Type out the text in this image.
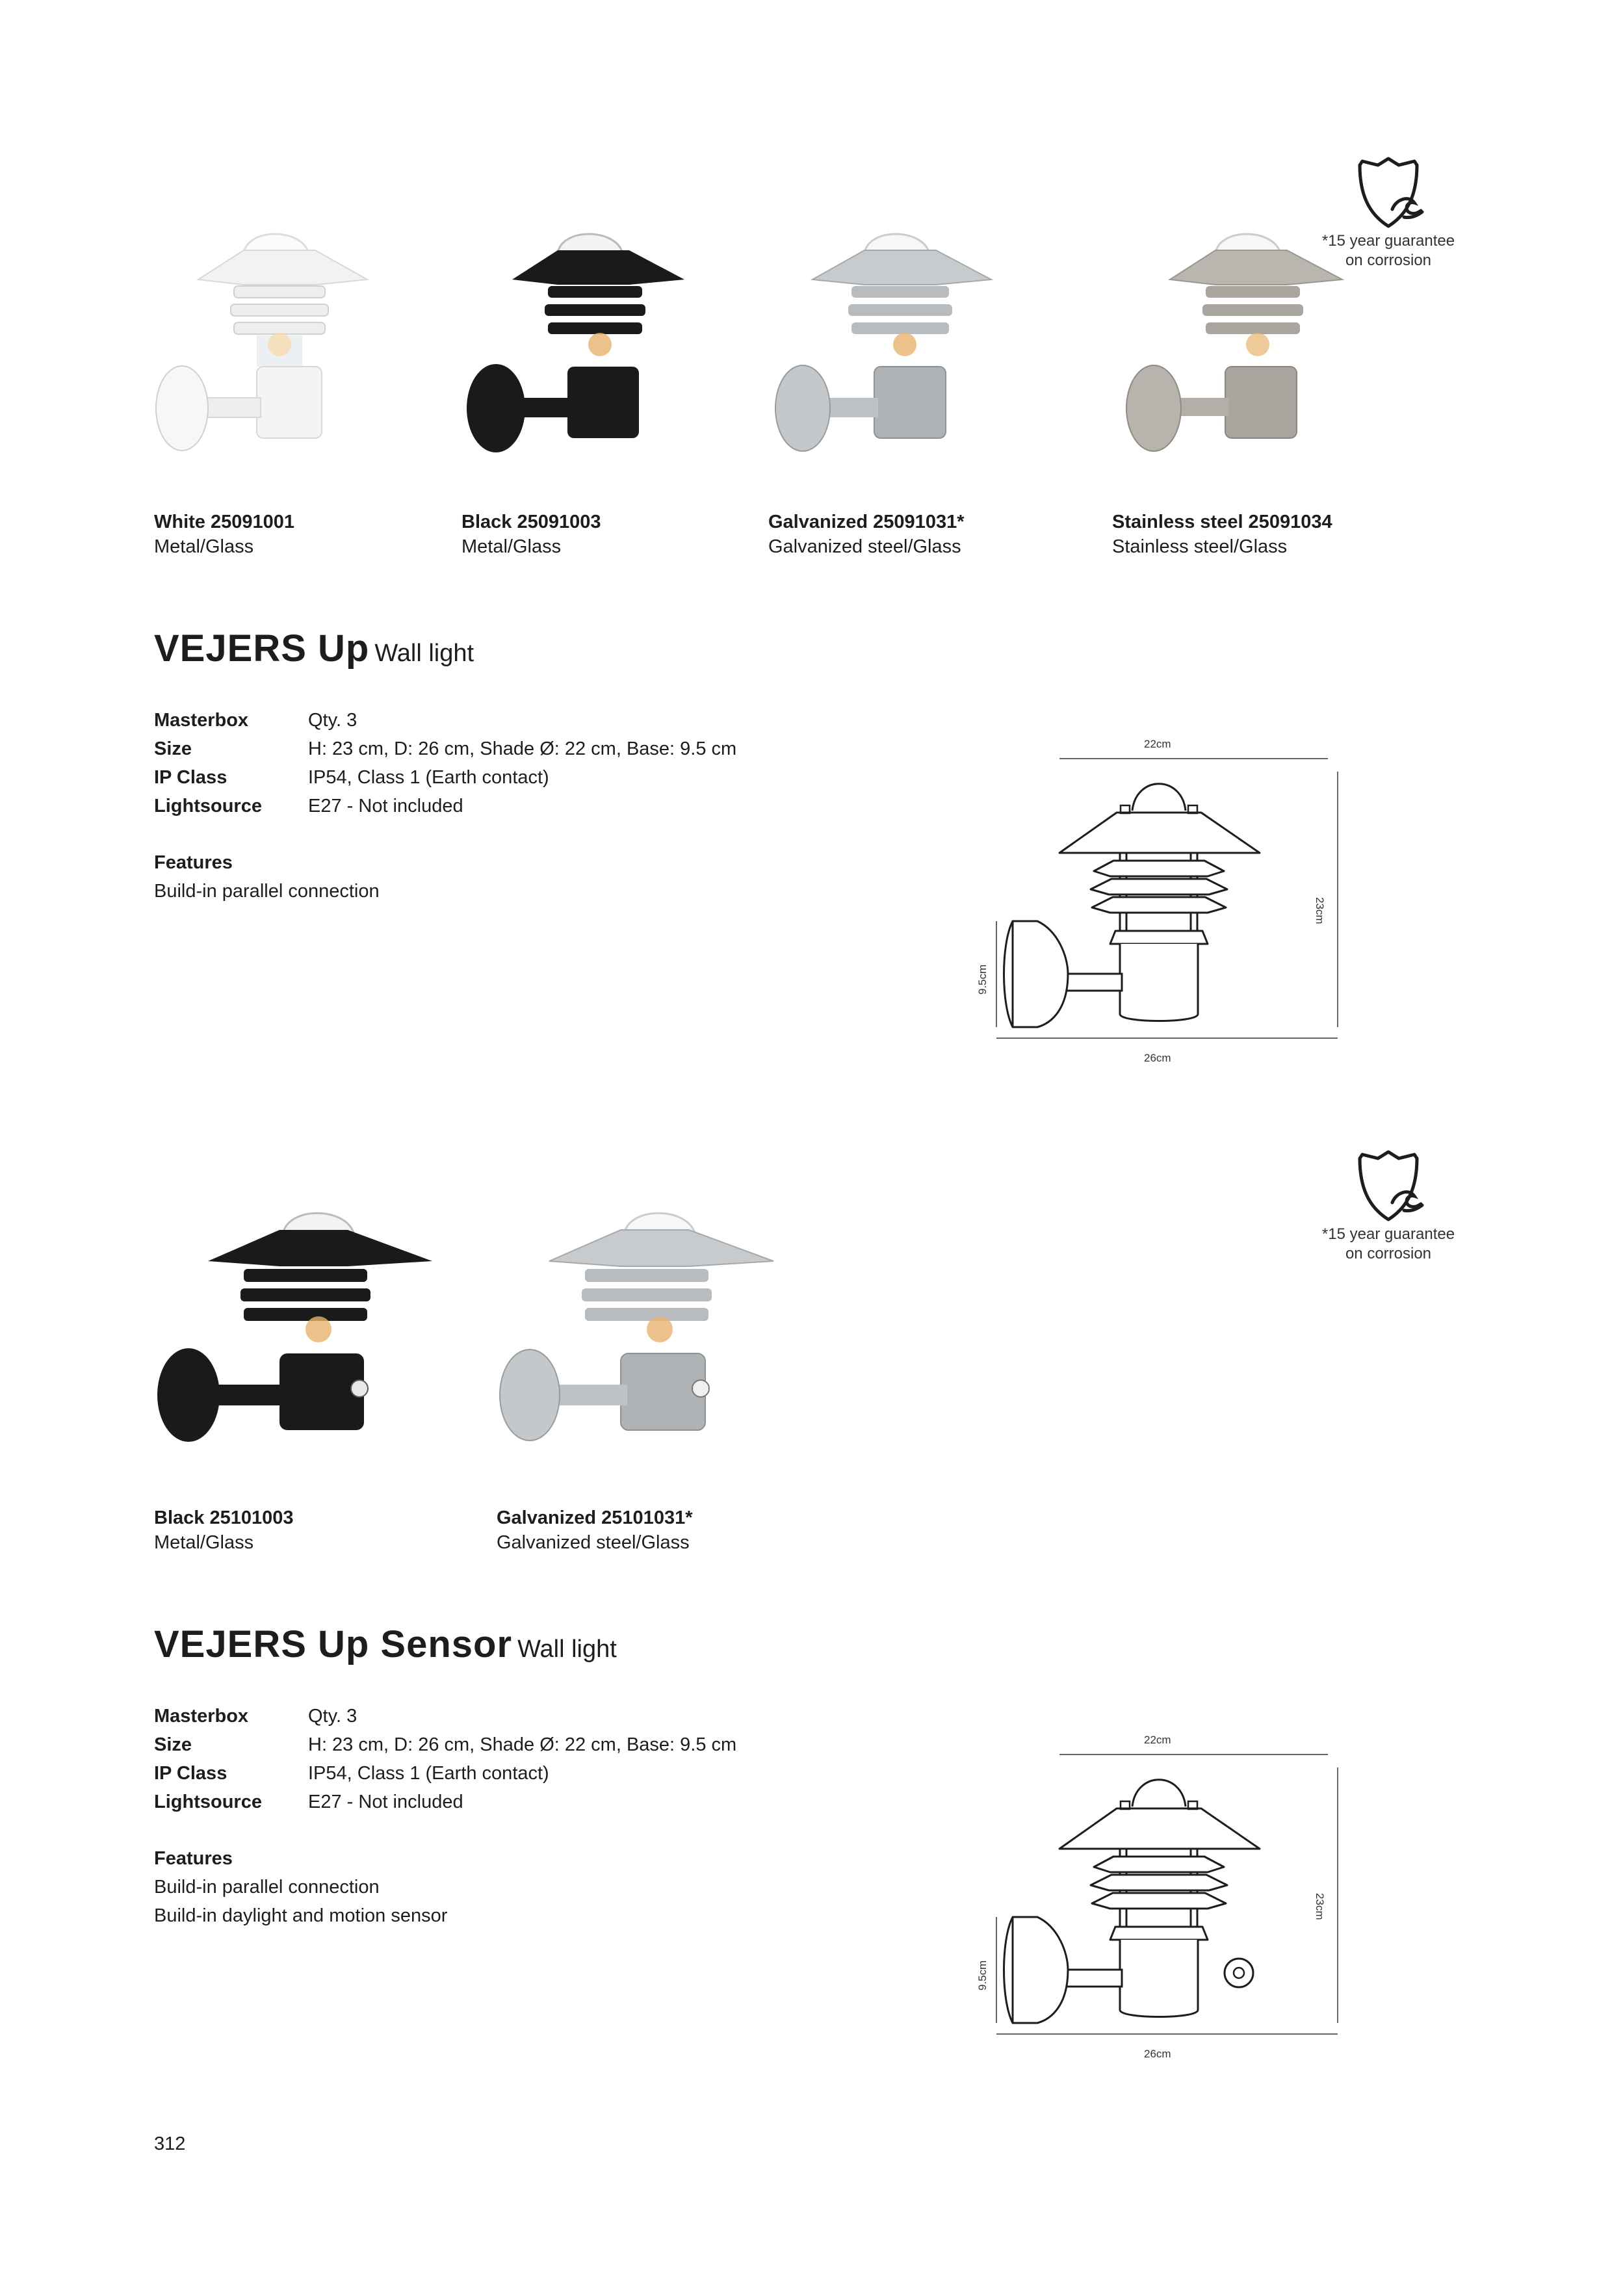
*15 year guarantee
on corrosion
White 25091001
Metal/Glass
Black 25091003
Metal/Glass
Galvanized 25091031*
Galvanized steel/Glass
Stainless steel 25091034
Stainless steel/Glass
VEJERS Up Wall light
Masterbox	Qty. 3
Size	H: 23 cm, D: 26 cm, Shade Ø: 22 cm, Base: 9.5 cm
IP Class	IP54, Class 1 (Earth contact)
Lightsource	E27 - Not included
Features
Build-in parallel connection
22cm
23cm
9.5cm
26cm
*15 year guarantee
on corrosion
Black 25101003
Metal/Glass
Galvanized 25101031*
Galvanized steel/Glass
VEJERS Up Sensor Wall light
Masterbox	Qty. 3
Size	H: 23 cm, D: 26 cm, Shade Ø: 22 cm, Base: 9.5 cm
IP Class	IP54, Class 1 (Earth contact)
Lightsource	E27 - Not included
Features
Build-in parallel connection
Build-in daylight and motion sensor
22cm
23cm
9.5cm
26cm
312
